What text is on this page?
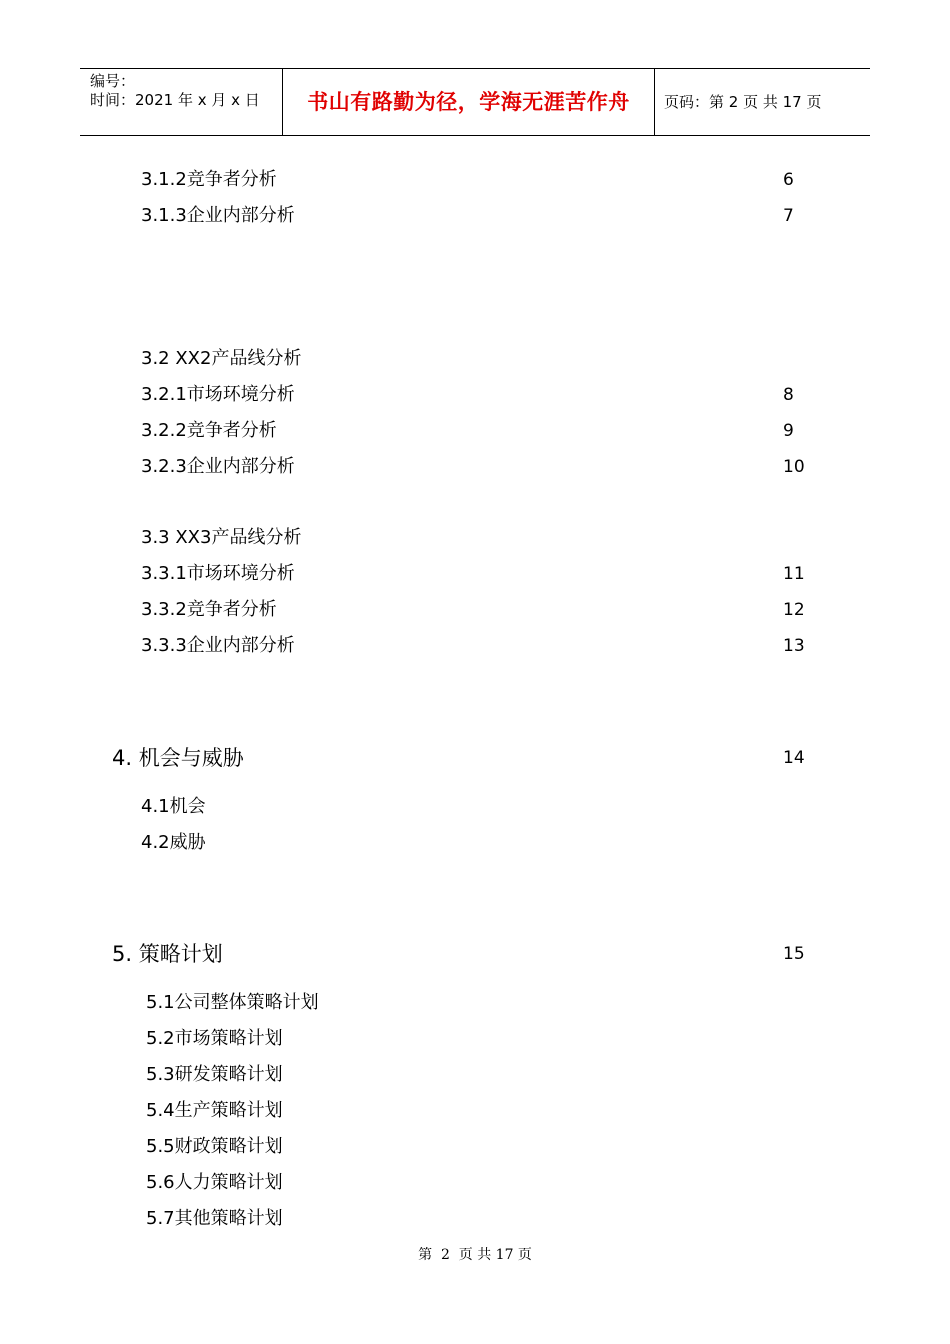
编号：
时间：2021 年 x 月 x 日	书山有路勤为径，学海无涯苦作舟	页码：第 2 页 共 17 页
3.1.2竞争者分析	6
3.1.3企业内部分析	7
3.2 XX2产品线分析
3.2.1市场环境分析	8
3.2.2竞争者分析	9
3.2.3企业内部分析	10
3.3 XX3产品线分析
3.3.1市场环境分析	11
3.3.2竞争者分析	12
3.3.3企业内部分析	13
4. 机会与威胁	14
4.1机会
4.2威胁
5. 策略计划	15
5.1公司整体策略计划
5.2市场策略计划
5.3研发策略计划
5.4生产策略计划
5.5财政策略计划
5.6人力策略计划
5.7其他策略计划
第  2  页 共 17 页
